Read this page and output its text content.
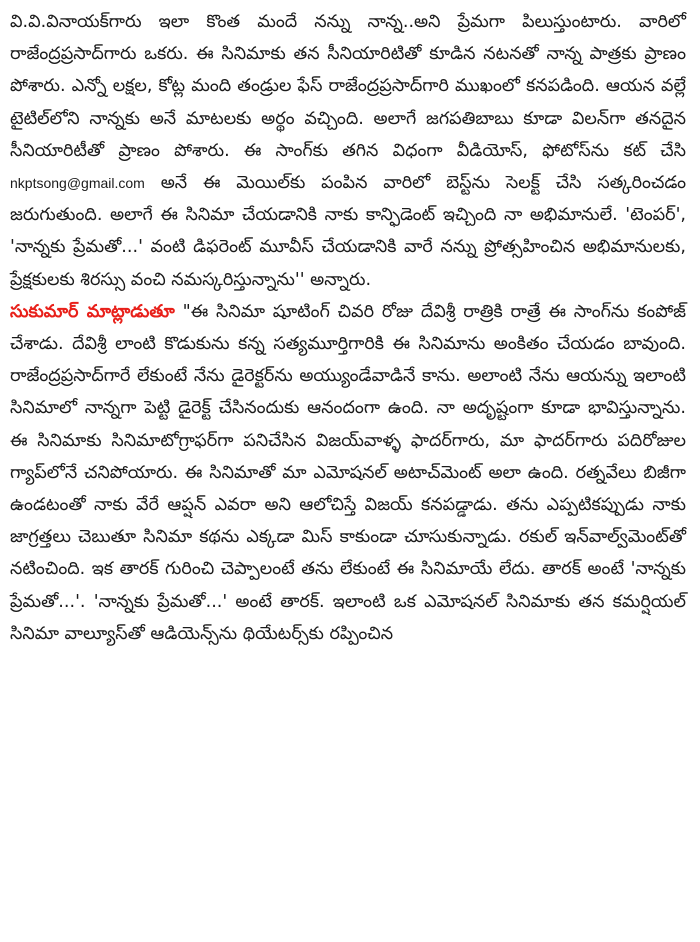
వి.వి.వినాయక్‌గారు ఇలా కొంత మందే నన్ను నాన్న..అని ప్రేమగా పిలుస్తుంటారు. వారిలో రాజేంద్రప్రసాద్‌గారు ఒకరు. ఈ సినిమాకు తన సీనియారిటితో కూడిన నటనతో నాన్న పాత్రకు ప్రాణం పోశారు. ఎన్నో లక్షల, కోట్ల మంది తండ్రుల ఫేస్ రాజేంద్రప్రసాద్‌గారి ముఖంలో కనపడింది. ఆయన వల్లే టైటిల్‌లోని నాన్నకు అనే మాటలకు అర్థం వచ్చింది. అలాగే జగపతిబాబు కూడా విలన్‌గా తనదైన సీనియారిటీతో ప్రాణం పోశారు. ఈ సాంగ్‌కు తగిన విధంగా వీడియోస్, ఫోటోస్‌ను కట్ చేసి nkptsong@gmail.com అనే ఈ మెయిల్‌కు పంపిన వారిలో బెస్ట్‌ను సెలక్ట్ చేసి సత్కరించడం జరుగుతుంది. అలాగే ఈ సినిమా చేయడానికి నాకు కాన్ఫిడెంట్ ఇచ్చింది నా అభిమానులే. 'టెంపర్', 'నాన్నకు ప్రేమతో...' వంటి డిఫరెంట్ మూవీస్ చేయడానికి వారే నన్ను ప్రోత్సహించిన అభిమానులకు, ప్రేక్షకులకు శిరస్సు వంచి నమస్కరిస్తున్నాను'' అన్నారు.

సుకుమార్ మాట్లాడుతూ "ఈ సినిమా షూటింగ్ చివరి రోజు దేవిశ్రీ రాత్రికి రాత్రే ఈ సాంగ్‌ను కంపోజ్ చేశాడు. దేవిశ్రీ లాంటి కొడుకును కన్న సత్యమూర్తిగారికి ఈ సినిమాను అంకితం చేయడం బావుంది. రాజేంద్రప్రసాద్‌గారే లేకుంటే నేను డైరెక్టర్‌ను అయ్యుండేవాడినే కాను. అలాంటి నేను ఆయన్ను ఇలాంటి సినిమాలో నాన్నగా పెట్టి డైరెక్ట్ చేసినందుకు ఆనందంగా ఉంది. నా అదృష్టంగా కూడా భావిస్తున్నాను. ఈ సినిమాకు సినిమాటోగ్రాఫర్‌గా పనిచేసిన విజయ్‌వాళ్ళ ఫాదర్‌గారు, మా ఫాదర్‌గారు పదిరోజుల గ్యాప్‌లోనే చనిపోయారు. ఈ సినిమాతో మా ఎమోషనల్ అటాచ్‌మెంట్ అలా ఉంది. రత్నవేలు బిజీగా ఉండటంతో నాకు వేరే ఆప్షన్ ఎవరా అని ఆలోచిస్తే విజయ్ కనపడ్డాడు. తను ఎప్పటికప్పుడు నాకు జాగ్రత్తలు చెబుతూ సినిమా కథను ఎక్కడా మిస్ కాకుండా చూసుకున్నాడు. రకుల్ ఇన్‌వాల్వ్‌మెంట్‌తో నటించింది. ఇక తారక్ గురించి చెప్పాలంటే తను లేకుంటే ఈ సినిమాయే లేదు. తారక్ అంటే 'నాన్నకు ప్రేమతో...'. 'నాన్నకు ప్రేమతో...' అంటే తారక్. ఇలాంటి ఒక ఎమోషనల్ సినిమాకు తన కమర్షియల్ సినిమా వాల్యూస్‌తో ఆడియెన్స్‌ను థియేటర్స్‌కు రప్పించిన
